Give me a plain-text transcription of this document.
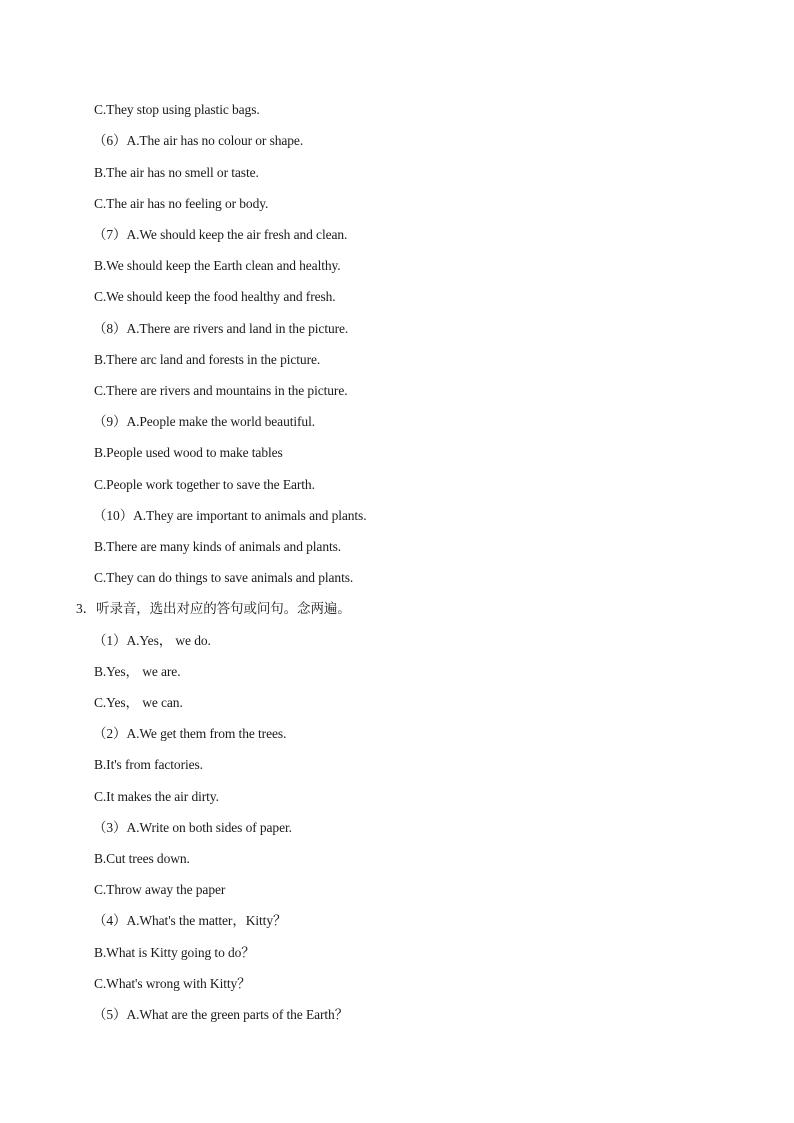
C.They stop using plastic bags.
（6）A.The air has no colour or shape.
B.The air has no smell or taste.
C.The air has no feeling or body.
（7）A.We should keep the air fresh and clean.
B.We should keep the Earth clean and healthy.
C.We should keep the food healthy and fresh.
（8）A.There are rivers and land in the picture.
B.There arc land and forests in the picture.
C.There are rivers and mountains in the picture.
（9）A.People make the world beautiful.
B.People used wood to make tables
C.People work together to save the Earth.
（10）A.They are important to animals and plants.
B.There are many kinds of animals and plants.
C.They can do things to save animals and plants.
3．听录音，选出对应的答句或问句。念两遍。
（1）A.Yes， we do.
B.Yes， we are.
C.Yes， we can.
（2）A.We get them from the trees.
B.It's from factories.
C.It makes the air dirty.
（3）A.Write on both sides of paper.
B.Cut trees down.
C.Throw away the paper
（4）A.What's the matter，Kitty？
B.What is Kitty going to do？
C.What's wrong with Kitty？
（5）A.What are the green parts of the Earth？
